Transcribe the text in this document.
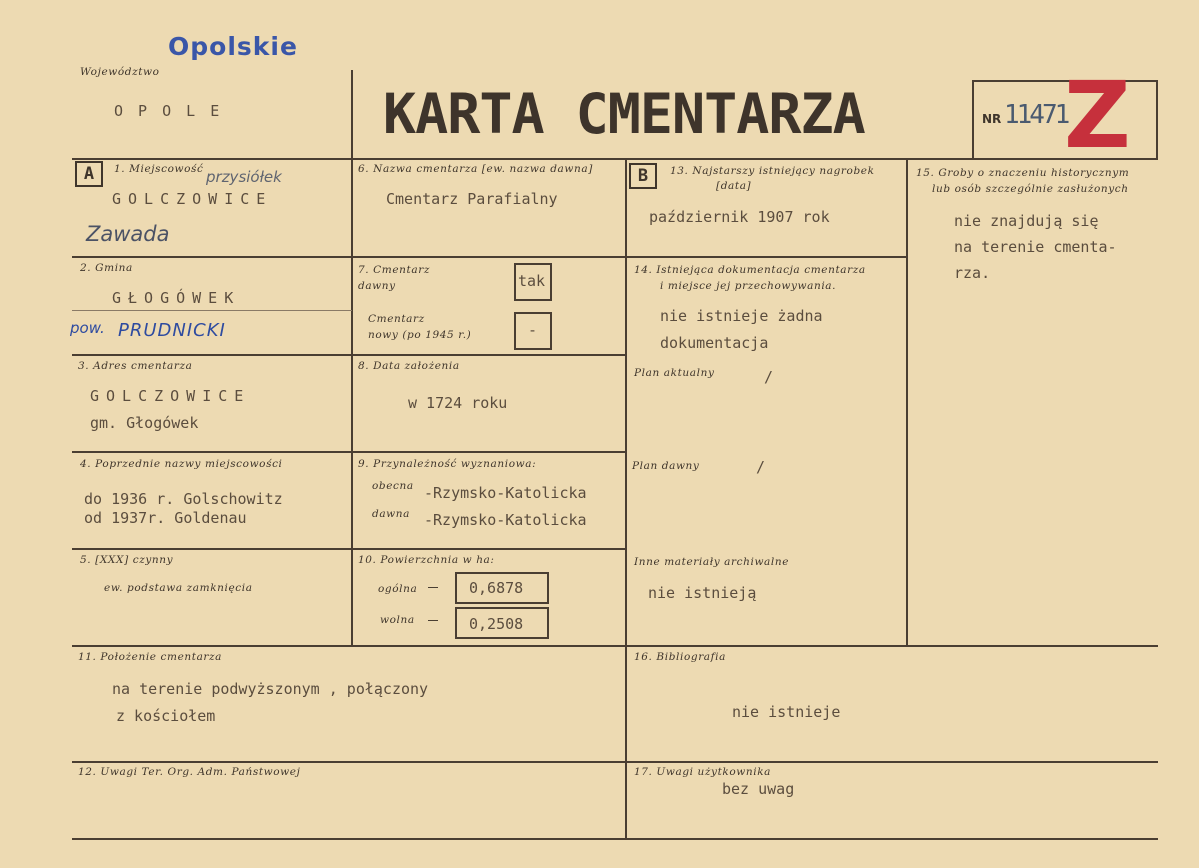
Opolskie
Województwo
O P O L E	KARTA CMENTARZA	NR 11471
Z
A	B
1. Miejscowość przysiółek
GOLCZOWICE
Zawada
2. Gmina
GŁOGÓWEK
pow. PRUDNICKI
3. Adres cmentarza
GOLCZOWICE
gm. Głogówek
4. Poprzednie nazwy miejscowości
do 1936 r. Golschowitz
od 1937r. Goldenau
5. [XXX] czynny
ew. podstawa zamknięcia
6. Nazwa cmentarza [ew. nazwa dawna]
Cmentarz Parafialny
7. Cmentarz
dawny	tak
Cmentarz
nowy (po 1945 r.)	-
8. Data założenia
w 1724 roku
9. Przynależność wyznaniowa:
obecna -Rzymsko-Katolicka
dawna -Rzymsko-Katolicka
10. Powierzchnia w ha:
ogólna	0,6878
wolna	0,2508
11. Położenie cmentarza
na terenie podwyższonym , połączony
z kościołem
12. Uwagi Ter. Org. Adm. Państwowej
13. Najstarszy istniejący nagrobek
[data]
październik 1907 rok
14. Istniejąca dokumentacja cmentarza
i miejsce jej przechowywania.
nie istnieje żadna
dokumentacja
Plan aktualny	/
Plan dawny	/
Inne materiały archiwalne
nie istnieją
15. Groby o znaczeniu historycznym
lub osób szczególnie zasłużonych
nie znajdują się
na terenie cmenta-
rza.
16. Bibliografia
nie istnieje
17. Uwagi użytkownika
bez uwag
